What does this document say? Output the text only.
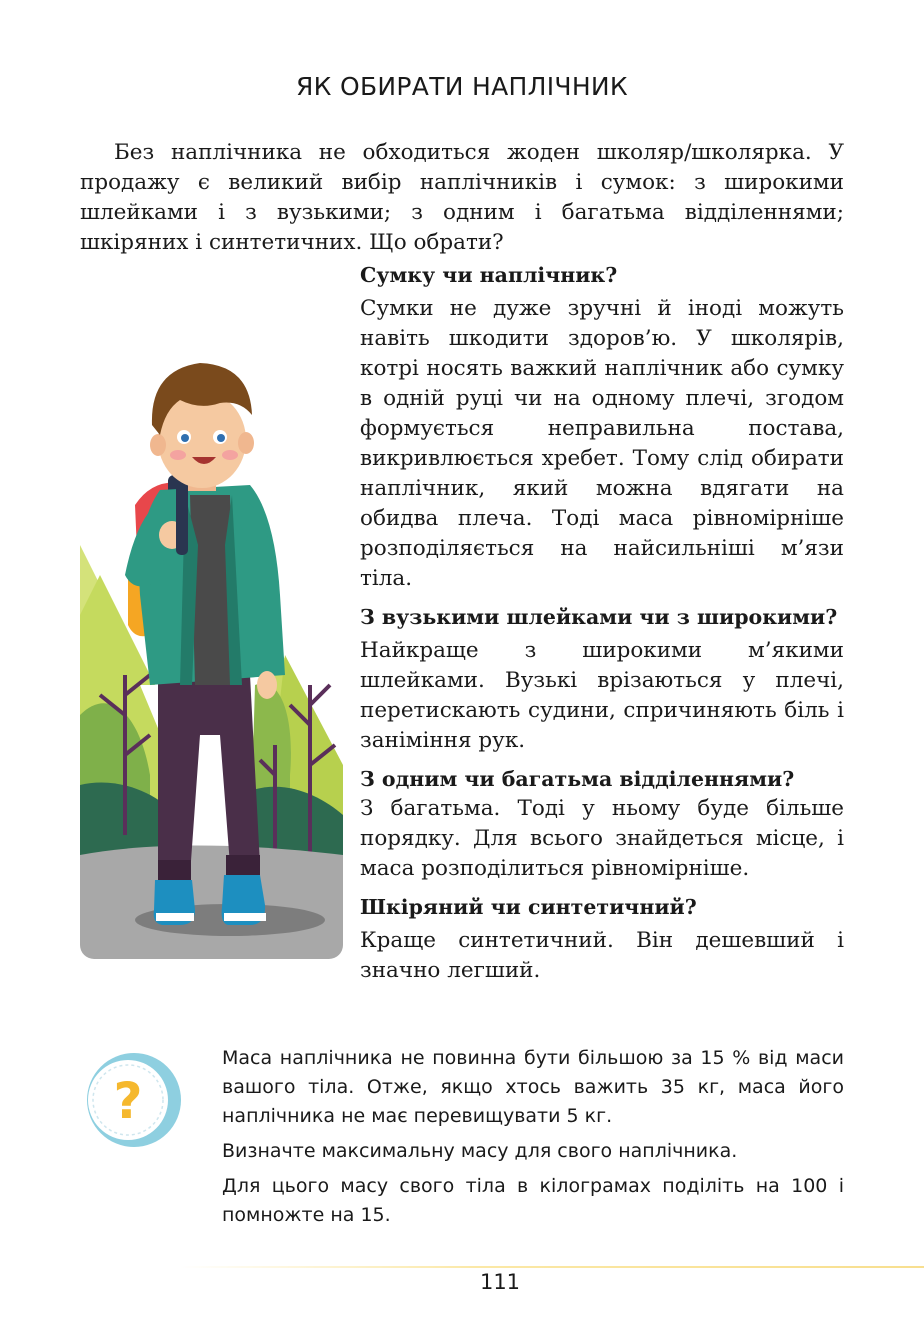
ЯК ОБИРАТИ НАПЛІЧНИК

Без наплічника не обходиться жоден школяр/школярка. У продажу є великий вибір наплічників і сумок: з широкими шлейками і з вузькими; з одним і багатьма відділеннями; шкіряних і синтетичних. Що обрати?

Сумку чи наплічник?

Сумки не дуже зручні й іноді можуть навіть шкодити здоров’ю. У школярів, котрі носять важкий наплічник або сумку в одній руці чи на одному плечі, згодом формується неправильна постава, викривлюється хребет. Тому слід обирати наплічник, який можна вдягати на обидва плеча. Тоді маса рівномірніше розподіляється на найсильніші м’язи тіла.

З вузькими шлейками чи з широкими?

Найкраще з широкими м’якими шлейками. Вузькі врізаються у плечі, перетискають судини, спричиняють біль і заніміння рук.

З одним чи багатьма відділеннями?

З багатьма. Тоді у ньому буде більше порядку. Для всього знайдеться місце, і маса розподілиться рівномірніше.

Шкіряний чи синтетичний?

Краще синтетичний. Він дешевший і значно легший.

?

Маса наплічника не повинна бути більшою за 15 % від маси вашого тіла. Отже, якщо хтось важить 35 кг, маса його наплічника не має перевищувати 5 кг.

Визначте максимальну масу для свого наплічника.

Для цього масу свого тіла в кілограмах поділіть на 100 і помножте на 15.

111
